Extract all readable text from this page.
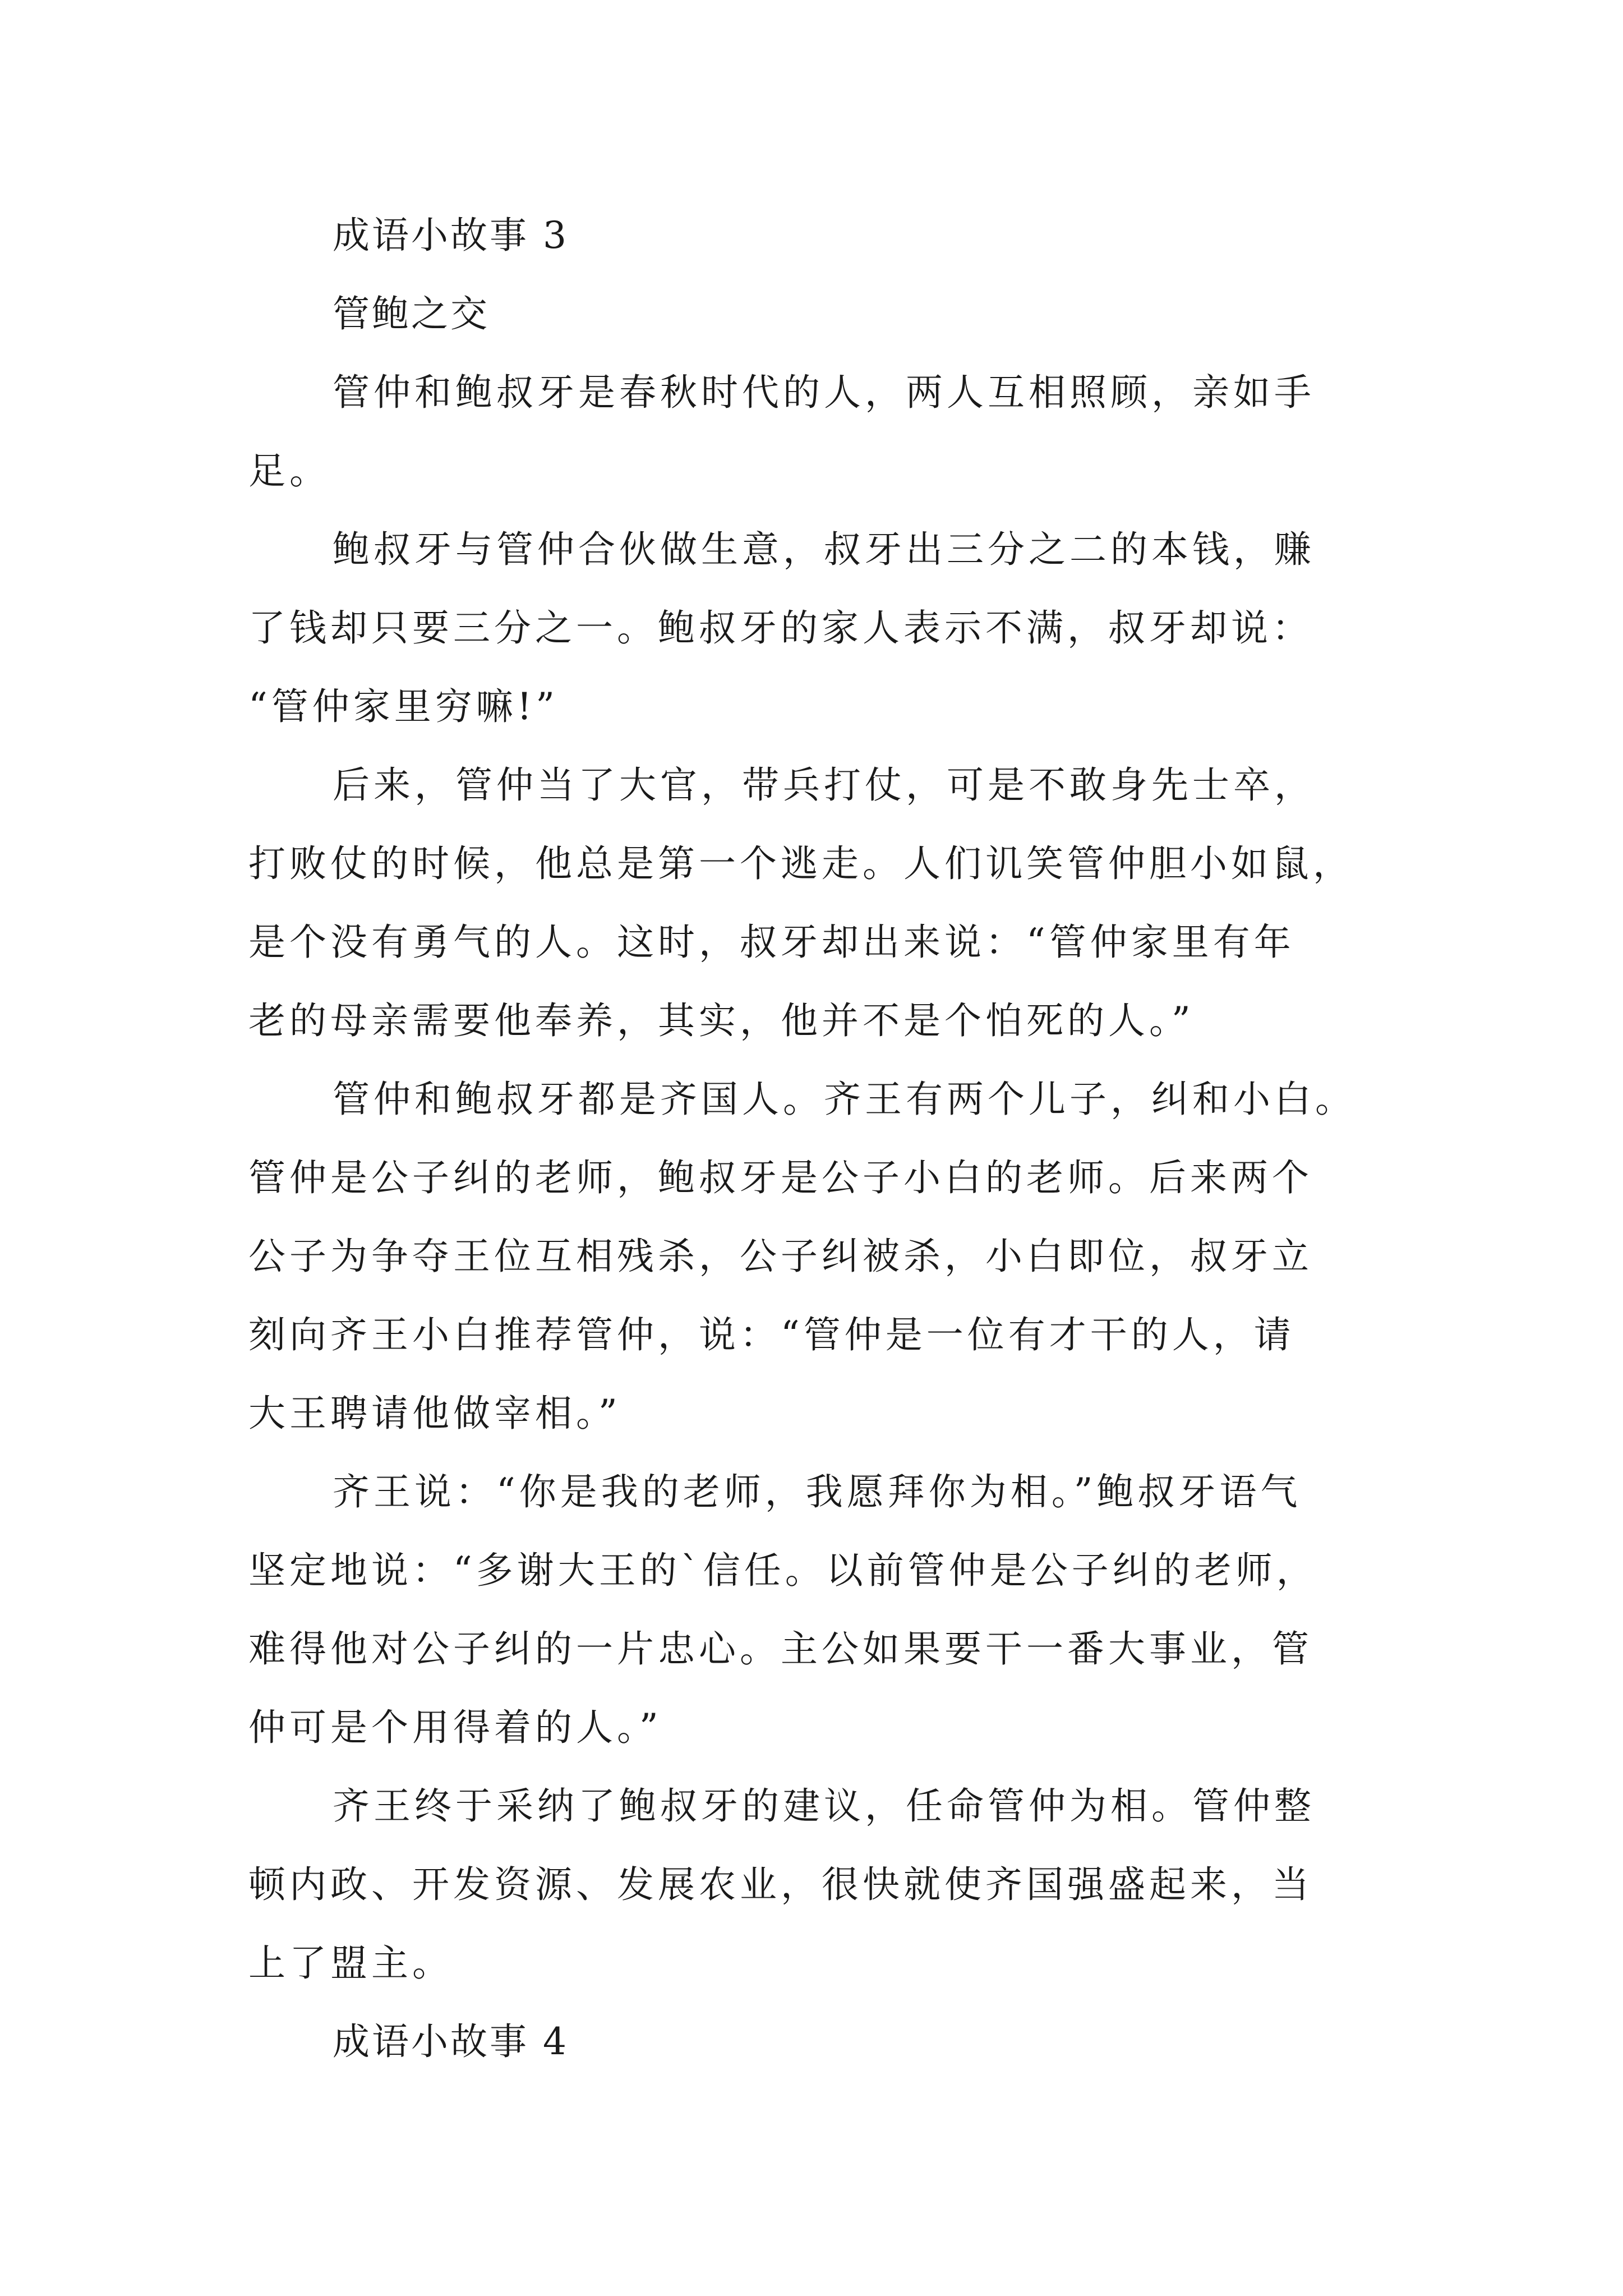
成语小故事 3
管鲍之交
管仲和鲍叔牙是春秋时代的人，两人互相照顾，亲如手
足。
鲍叔牙与管仲合伙做生意，叔牙出三分之二的本钱，赚
了钱却只要三分之一。鲍叔牙的家人表示不满，叔牙却说：
“管仲家里穷嘛!”
后来，管仲当了大官，带兵打仗，可是不敢身先士卒，
打败仗的时候，他总是第一个逃走。人们讥笑管仲胆小如鼠，
是个没有勇气的人。这时，叔牙却出来说：“管仲家里有年
老的母亲需要他奉养，其实，他并不是个怕死的人。”
管仲和鲍叔牙都是齐国人。齐王有两个儿子，纠和小白。
管仲是公子纠的老师，鲍叔牙是公子小白的老师。后来两个
公子为争夺王位互相残杀，公子纠被杀，小白即位，叔牙立
刻向齐王小白推荐管仲，说：“管仲是一位有才干的人，请
大王聘请他做宰相。”
齐王说：“你是我的老师，我愿拜你为相。”鲍叔牙语气
坚定地说：“多谢大王的`信任。以前管仲是公子纠的老师，
难得他对公子纠的一片忠心。主公如果要干一番大事业，管
仲可是个用得着的人。”
齐王终于采纳了鲍叔牙的建议，任命管仲为相。管仲整
顿内政、开发资源、发展农业，很快就使齐国强盛起来，当
上了盟主。
成语小故事 4
